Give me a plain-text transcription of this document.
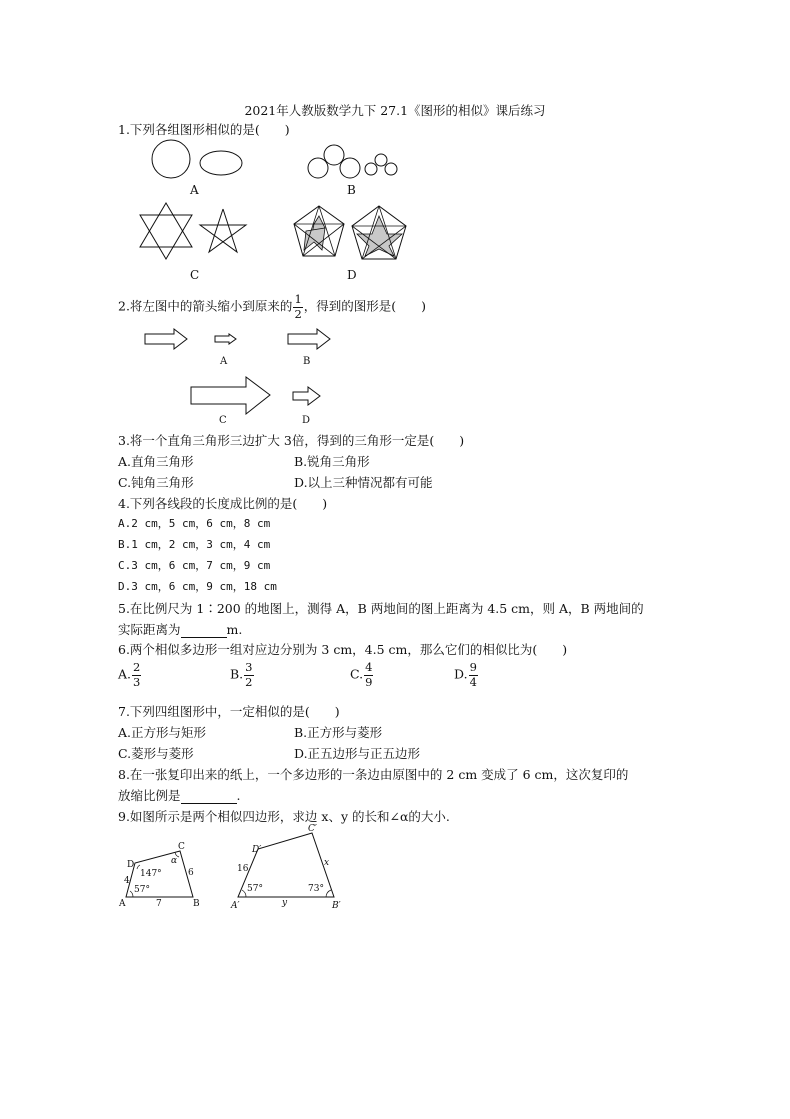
2021年人教版数学九下 27.1《图形的相似》课后练习
1.下列各组图形相似的是(　　)
A	B
C	D
2.将左图中的箭头缩小到原来的 $\frac{1}{2}$ ，得到的图形是(　　)
A	B
C	D
3.将一个直角三角形三边扩大 3倍，得到的三角形一定是(　　)
A.直角三角形	B.锐角三角形
C.钝角三角形	D.以上三种情况都有可能
4.下列各线段的长度成比例的是(　　)
A.2 cm，5 cm，6 cm，8 cm
B.1 cm，2 cm，3 cm，4 cm
C.3 cm，6 cm，7 cm，9 cm
D.3 cm，6 cm，9 cm，18 cm
5.在比例尺为 1∶200 的地图上，测得 A，B 两地间的图上距离为 4.5 cm，则 A，B 两地间的
实际距离为	m.
6.两个相似多边形一组对应边分别为 3 cm，4.5 cm，那么它们的相似比为(　　)
A. $\frac{2}{3}$	B. $\frac{3}{2}$	C. $\frac{4}{9}$	D. $\frac{9}{4}$
7.下列四组图形中，一定相似的是(　　)
A.正方形与矩形	B.正方形与菱形
C.菱形与菱形	D.正五边形与正五边形
8.在一张复印出来的纸上，一个多边形的一条边由原图中的 2 cm 变成了 6 cm，这次复印的
放缩比例是	.
9.如图所示是两个相似四边形，求边 x、y 的长和∠α的大小.
A	B
C
D
57°
147°
α
4
7
6
A′	B′
C′
D′
57°	73°
16
y
x
